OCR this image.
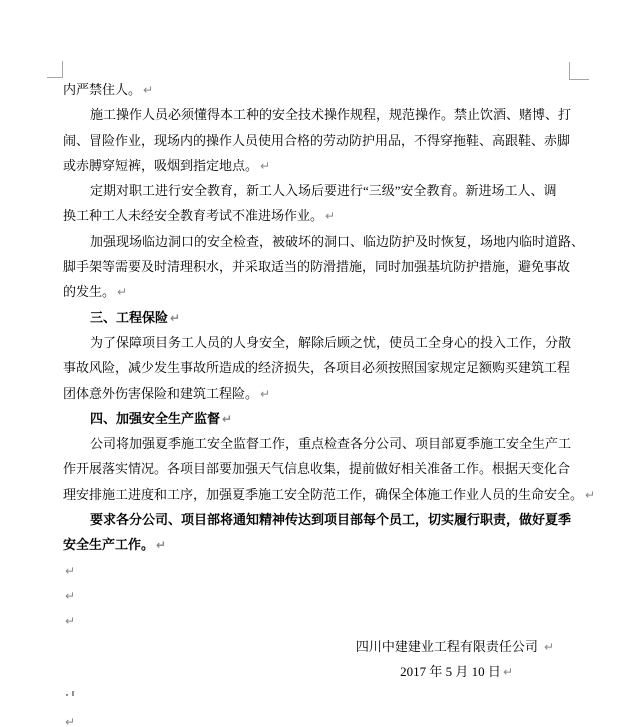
内严禁住人。 ↵
施工操作人员必须懂得本工种的安全技术操作规程，规范操作。禁止饮酒、赌博、打
闹、冒险作业，现场内的操作人员使用合格的劳动防护用品，不得穿拖鞋、高跟鞋、赤脚
或赤膊穿短裤，吸烟到指定地点。 ↵
定期对职工进行安全教育，新工人入场后要进行“三级”安全教育。新进场工人、调
换工种工人未经安全教育考试不准进场作业。 ↵
加强现场临边洞口的安全检查，被破坏的洞口、临边防护及时恢复，场地内临时道路、
脚手架等需要及时清理积水，并采取适当的防滑措施，同时加强基坑防护措施，避免事故
的发生。 ↵
三、工程保险 ↵
为了保障项目务工人员的人身安全，解除后顾之忧，使员工全身心的投入工作，分散
事故风险，减少发生事故所造成的经济损失，各项目必须按照国家规定足额购买建筑工程
团体意外伤害保险和建筑工程险。 ↵
四、加强安全生产监督 ↵
公司将加强夏季施工安全监督工作，重点检查各分公司、项目部夏季施工安全生产工
作开展落实情况。各项目部要加强天气信息收集，提前做好相关准备工作。根据天变化合
理安排施工进度和工序，加强夏季施工安全防范工作，确保全体施工作业人员的生命安全。 ↵
要求各分公司、项目部将通知精神传达到项目部每个员工，切实履行职责，做好夏季
安全生产工作。 ↵
↵
↵
↵
四川中建建业工程有限责任公司 ↵
2017 年 5 月 10 日 ↵
↵
